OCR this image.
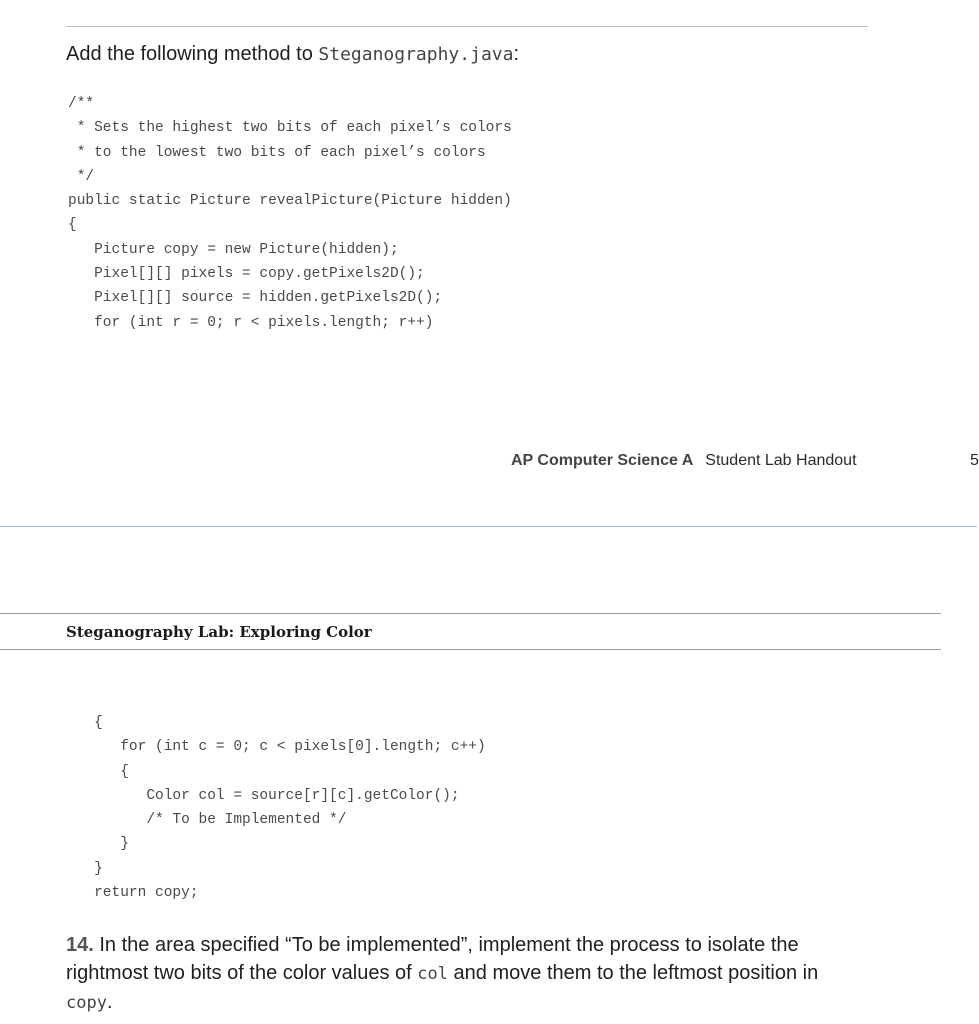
Add the following method to Steganography.java:
/**
* Sets the highest two bits of each pixel’s colors
* to the lowest two bits of each pixel’s colors
*/
public static Picture revealPicture(Picture hidden)
{
Picture copy = new Picture(hidden);
Pixel[][] pixels = copy.getPixels2D();
Pixel[][] source = hidden.getPixels2D();
for (int r = 0; r < pixels.length; r++)
AP Computer Science A Student Lab Handout	5
Steganography Lab: Exploring Color
{
for (int c = 0; c < pixels[0].length; c++)
{
Color col = source[r][c].getColor();
/* To be Implemented */
}
}
return copy;
14. In the area specified “To be implemented”, implement the process to isolate the rightmost two bits of the color values of col and move them to the leftmost position in copy.
